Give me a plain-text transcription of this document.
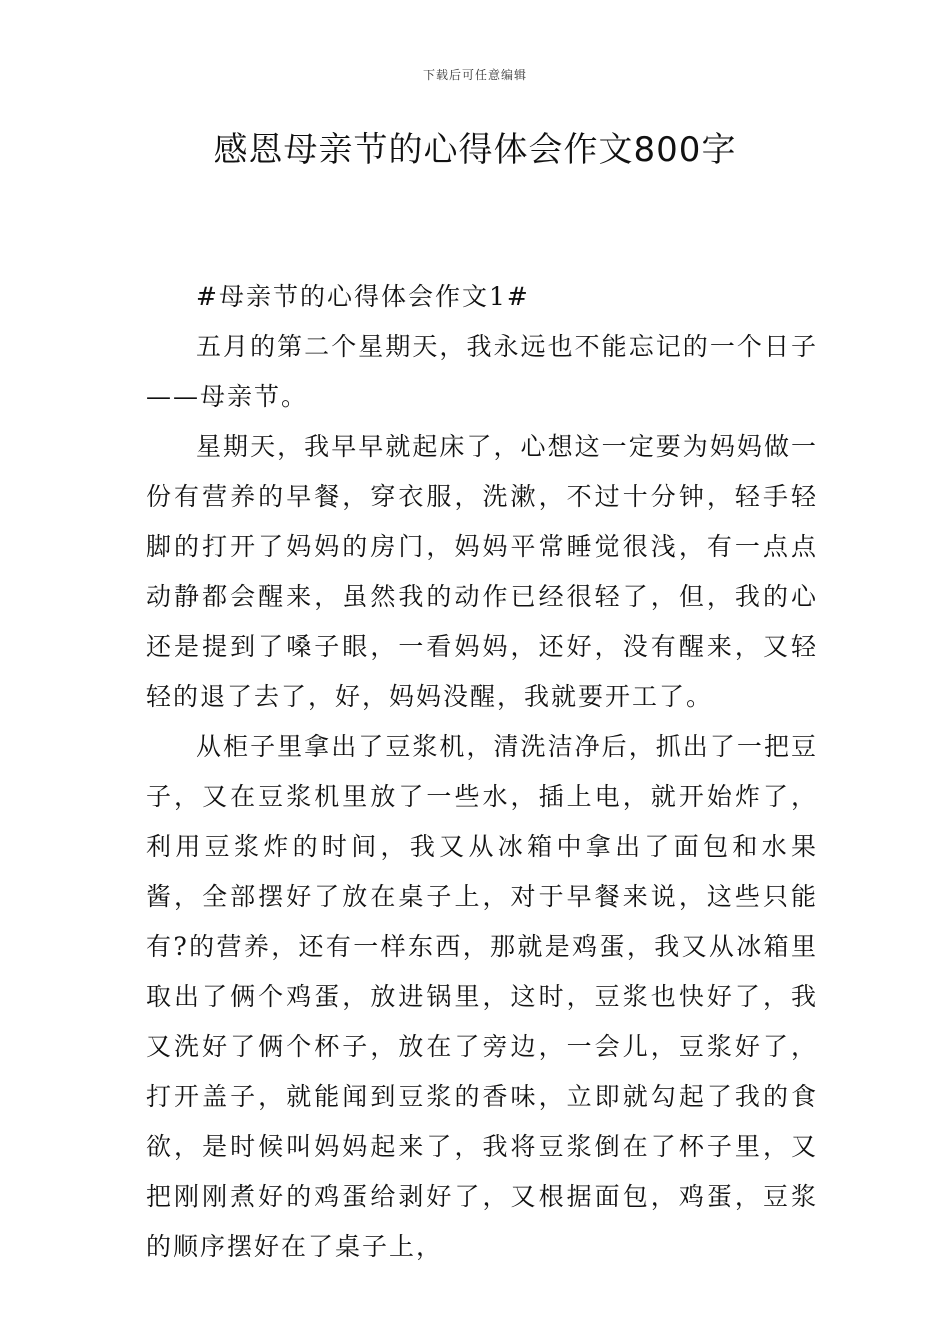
下载后可任意编辑
感恩母亲节的心得体会作文800字

#母亲节的心得体会作文1#

五月的第二个星期天，我永远也不能忘记的一个日子——母亲节。

星期天，我早早就起床了，心想这一定要为妈妈做一份有营养的早餐，穿衣服，洗漱，不过十分钟，轻手轻脚的打开了妈妈的房门，妈妈平常睡觉很浅，有一点点动静都会醒来，虽然我的动作已经很轻了，但，我的心还是提到了嗓子眼，一看妈妈，还好，没有醒来，又轻轻的退了去了，好，妈妈没醒，我就要开工了。

从柜子里拿出了豆浆机，清洗洁净后，抓出了一把豆子，又在豆浆机里放了一些水，插上电，就开始炸了，利用豆浆炸的时间，我又从冰箱中拿出了面包和水果酱，全部摆好了放在桌子上，对于早餐来说，这些只能有?的营养，还有一样东西，那就是鸡蛋，我又从冰箱里取出了俩个鸡蛋，放进锅里，这时，豆浆也快好了，我又洗好了俩个杯子，放在了旁边，一会儿，豆浆好了，打开盖子，就能闻到豆浆的香味，立即就勾起了我的食欲，是时候叫妈妈起来了，我将豆浆倒在了杯子里，又把刚刚煮好的鸡蛋给剥好了，又根据面包，鸡蛋，豆浆的顺序摆好在了桌子上，
